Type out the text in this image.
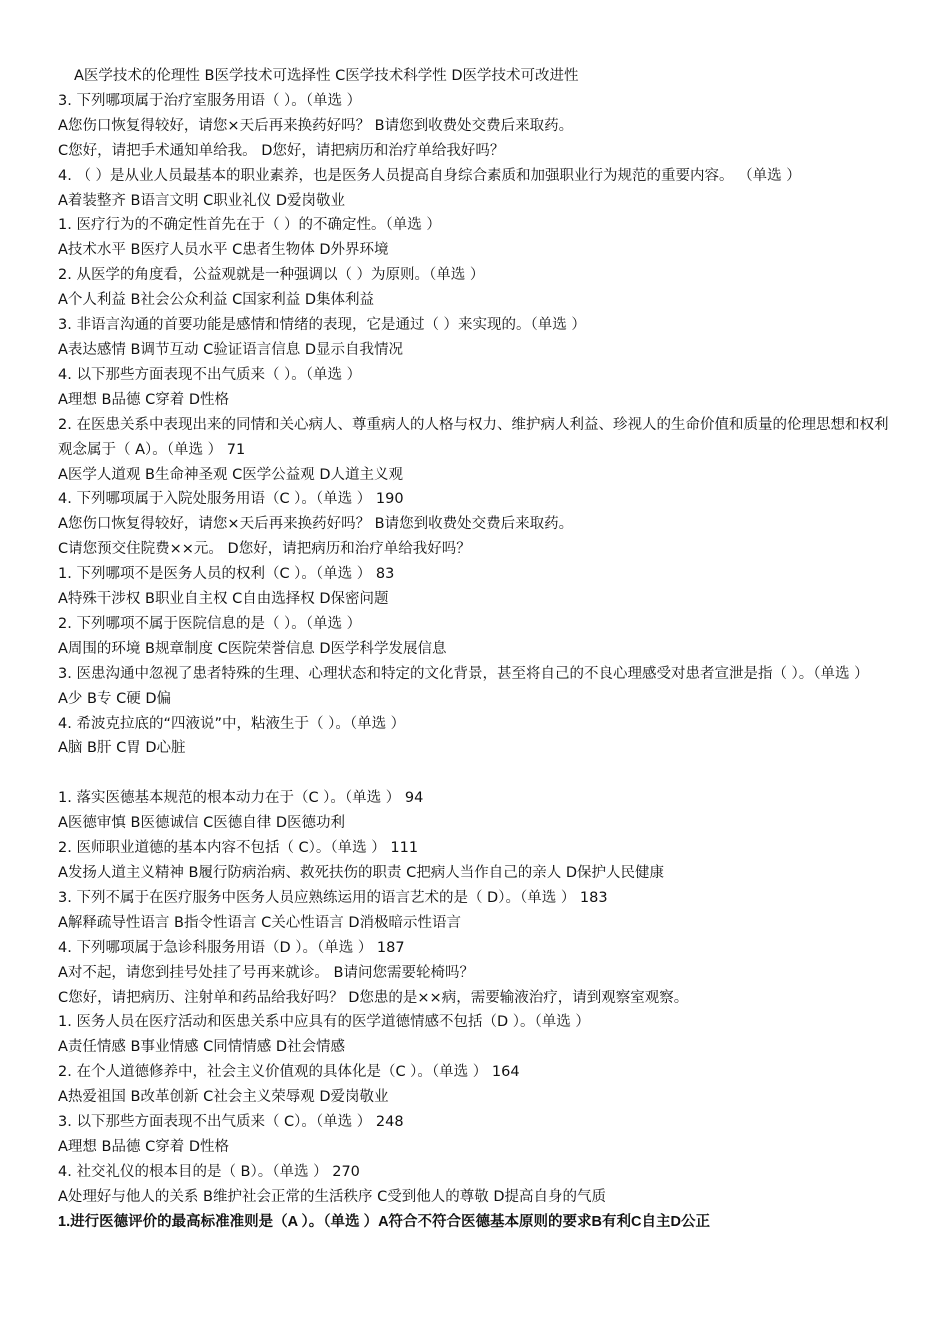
A医学技术的伦理性 B医学技术可选择性 C医学技术科学性 D医学技术可改进性
3. 下列哪项属于治疗室服务用语（ ）。（单选 ）
A您伤口恢复得较好，请您×天后再来换药好吗？ B请您到收费处交费后来取药。
C您好，请把手术通知单给我。 D您好，请把病历和治疗单给我好吗？
4. （ ）是从业人员最基本的职业素养，也是医务人员提高自身综合素质和加强职业行为规范的重要内容。 （单选 ）
A着装整齐 B语言文明 C职业礼仪 D爱岗敬业
1. 医疗行为的不确定性首先在于（ ）的不确定性。（单选 ）
A技术水平 B医疗人员水平 C患者生物体 D外界环境
2. 从医学的角度看，公益观就是一种强调以（ ）为原则。（单选 ）
A个人利益 B社会公众利益 C国家利益 D集体利益
3. 非语言沟通的首要功能是感情和情绪的表现，它是通过（ ）来实现的。（单选 ）
A表达感情 B调节互动 C验证语言信息 D显示自我情况
4. 以下那些方面表现不出气质来（ ）。（单选 ）
A理想 B品德 C穿着 D性格
2. 在医患关系中表现出来的同情和关心病人、尊重病人的人格与权力、维护病人利益、珍视人的生命价值和质量的伦理思想和权利观念属于（ A）。（单选 ） 71
A医学人道观 B生命神圣观 C医学公益观 D人道主义观
4. 下列哪项属于入院处服务用语（C ）。（单选 ） 190
A您伤口恢复得较好，请您×天后再来换药好吗？ B请您到收费处交费后来取药。
C请您预交住院费××元。 D您好，请把病历和治疗单给我好吗？
1. 下列哪项不是医务人员的权利（C ）。（单选 ） 83
A特殊干涉权 B职业自主权 C自由选择权 D保密问题
2. 下列哪项不属于医院信息的是（ ）。（单选 ）
A周围的环境 B规章制度 C医院荣誉信息 D医学科学发展信息
3. 医患沟通中忽视了患者特殊的生理、心理状态和特定的文化背景，甚至将自己的不良心理感受对患者宣泄是指（ ）。（单选 ）
A少 B专 C硬 D偏
4. 希波克拉底的“四液说”中，粘液生于（ ）。（单选 ）
A脑 B肝 C胃 D心脏
1. 落实医德基本规范的根本动力在于（C ）。（单选 ） 94
A医德审慎 B医德诚信 C医德自律 D医德功利
2. 医师职业道德的基本内容不包括（ C）。（单选 ） 111
A发扬人道主义精神 B履行防病治病、救死扶伤的职责 C把病人当作自己的亲人 D保护人民健康
3. 下列不属于在医疗服务中医务人员应熟练运用的语言艺术的是（ D）。（单选 ） 183
A解释疏导性语言 B指令性语言 C关心性语言 D消极暗示性语言
4. 下列哪项属于急诊科服务用语（D ）。（单选 ） 187
A对不起，请您到挂号处挂了号再来就诊。 B请问您需要轮椅吗？
C您好，请把病历、注射单和药品给我好吗？ D您患的是××病，需要输液治疗，请到观察室观察。
1. 医务人员在医疗活动和医患关系中应具有的医学道德情感不包括（D ）。（单选 ）
A责任情感 B事业情感 C同情情感 D社会情感
2. 在个人道德修养中，社会主义价值观的具体化是（C ）。（单选 ） 164
A热爱祖国 B改革创新 C社会主义荣辱观 D爱岗敬业
3. 以下那些方面表现不出气质来（ C）。（单选 ） 248
A理想 B品德 C穿着 D性格
4. 社交礼仪的根本目的是（ B）。（单选 ） 270
A处理好与他人的关系 B维护社会正常的生活秩序 C受到他人的尊敬 D提高自身的气质
1.进行医德评价的最高标准准则是（A ）。（单选 ）A符合不符合医德基本原则的要求B有利C自主D公正
